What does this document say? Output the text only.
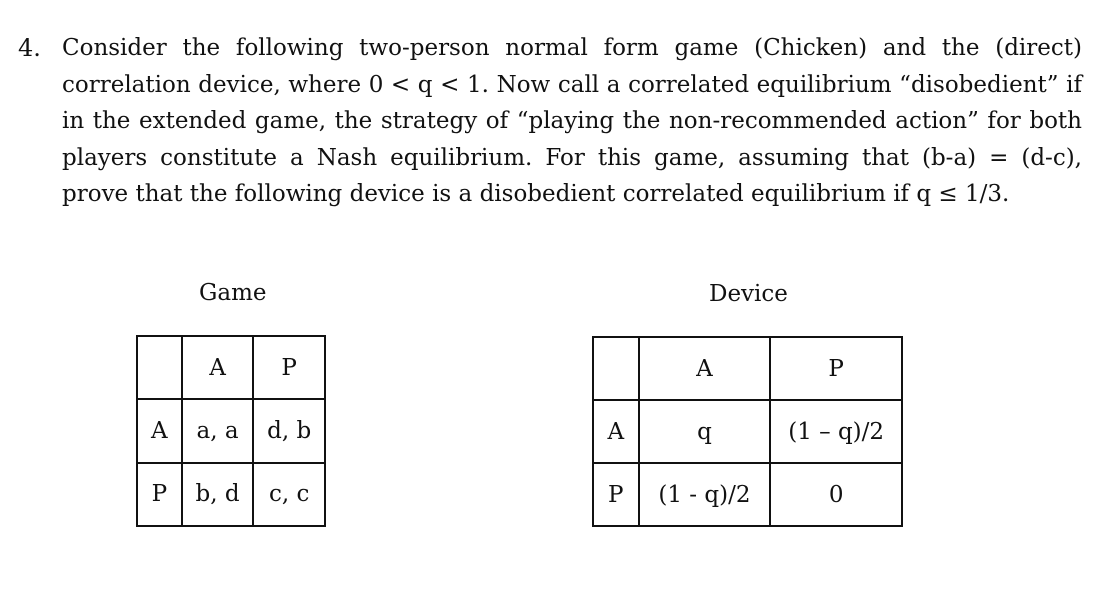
4. Consider the following two-person normal form game (Chicken) and the (direct) correlation device, where 0 < q < 1. Now call a correlated equilibrium “disobedient” if in the extended game, the strategy of “playing the non-recommended action” for both players constitute a Nash equilibrium. For this game, assuming that (b-a) = (d-c), prove that the following device is a disobedient correlated equilibrium if q ≤ 1/3.
Game	Device
	A	P
A	a, a	d, b
P	b, d	c, c
	A	P
A	q	(1 – q)/2
P	(1 - q)/2	0
